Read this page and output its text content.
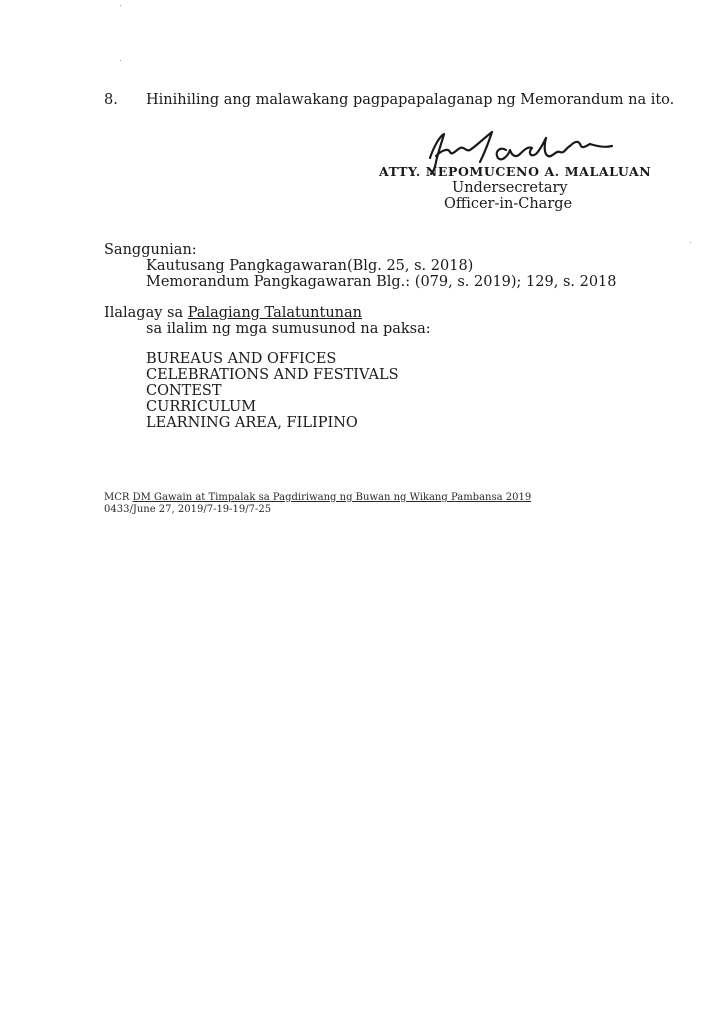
8. Hinihiling ang malawakang pagpapapalaganap ng Memorandum na ito.
ATTY. NEPOMUCENO A. MALALUAN
Undersecretary
Officer-in-Charge
Sanggunian:
Kautusang Pangkagawaran(Blg. 25, s. 2018)
Memorandum Pangkagawaran Blg.: (079, s. 2019); 129, s. 2018
Ilalagay sa Palagiang Talatuntunan
sa ilalim ng mga sumusunod na paksa:
BUREAUS AND OFFICES
CELEBRATIONS AND FESTIVALS
CONTEST
CURRICULUM
LEARNING AREA, FILIPINO
MCR DM Gawain at Timpalak sa Pagdiriwang ng Buwan ng Wikang Pambansa 2019
0433/June 27, 2019/7-19-19/7-25
